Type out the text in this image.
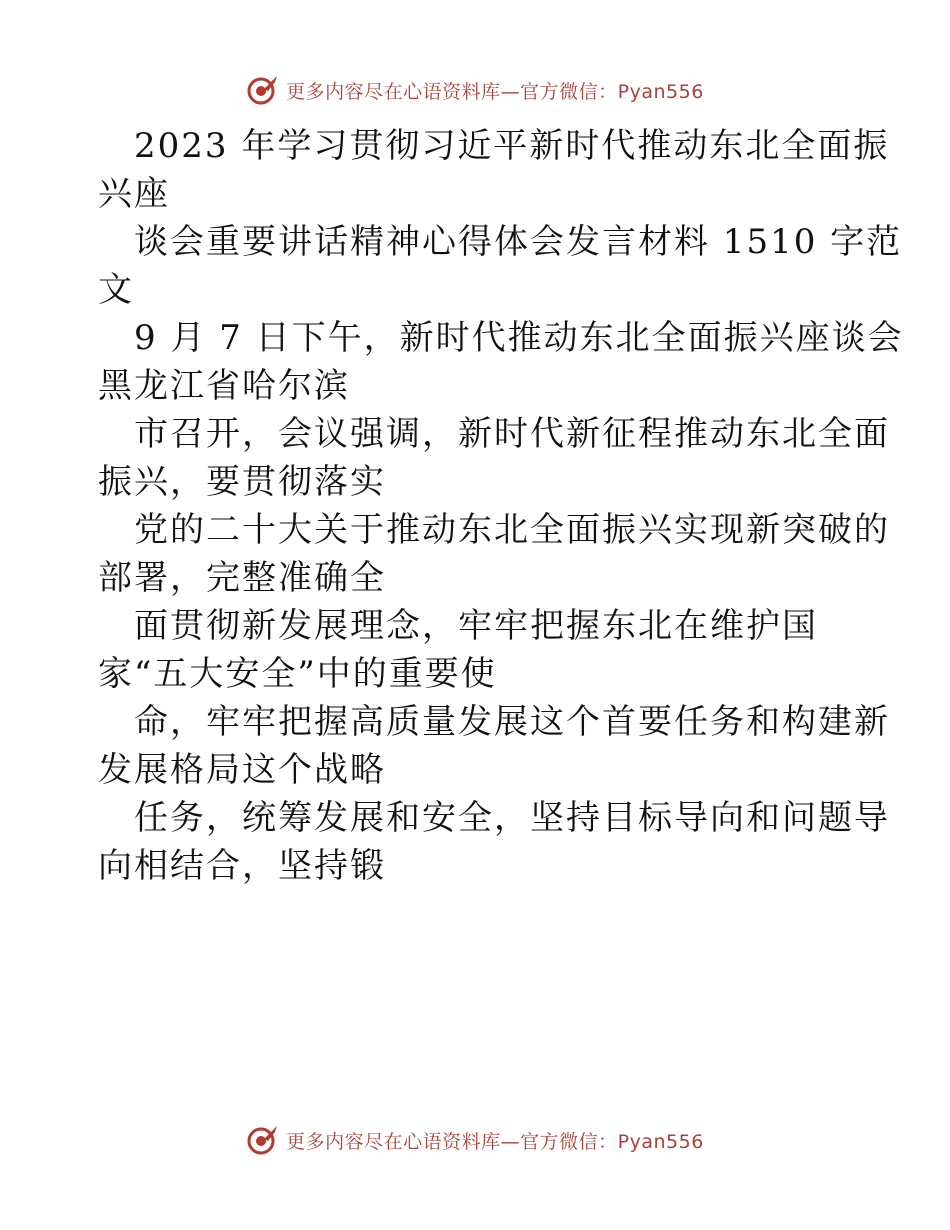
更多内容尽在心语资料库—官方微信：Pyan556
2023 年学习贯彻习近平新时代推动东北全面振
兴座
谈会重要讲话精神心得体会发言材料 1510 字范
文
9 月 7 日下午，新时代推动东北全面振兴座谈会
黑龙江省哈尔滨
市召开，会议强调，新时代新征程推动东北全面
振兴，要贯彻落实
党的二十大关于推动东北全面振兴实现新突破的
部署，完整准确全
面贯彻新发展理念，牢牢把握东北在维护国
家“五大安全”中的重要使
命，牢牢把握高质量发展这个首要任务和构建新
发展格局这个战略
任务，统筹发展和安全，坚持目标导向和问题导
向相结合，坚持锻
更多内容尽在心语资料库—官方微信：Pyan556
